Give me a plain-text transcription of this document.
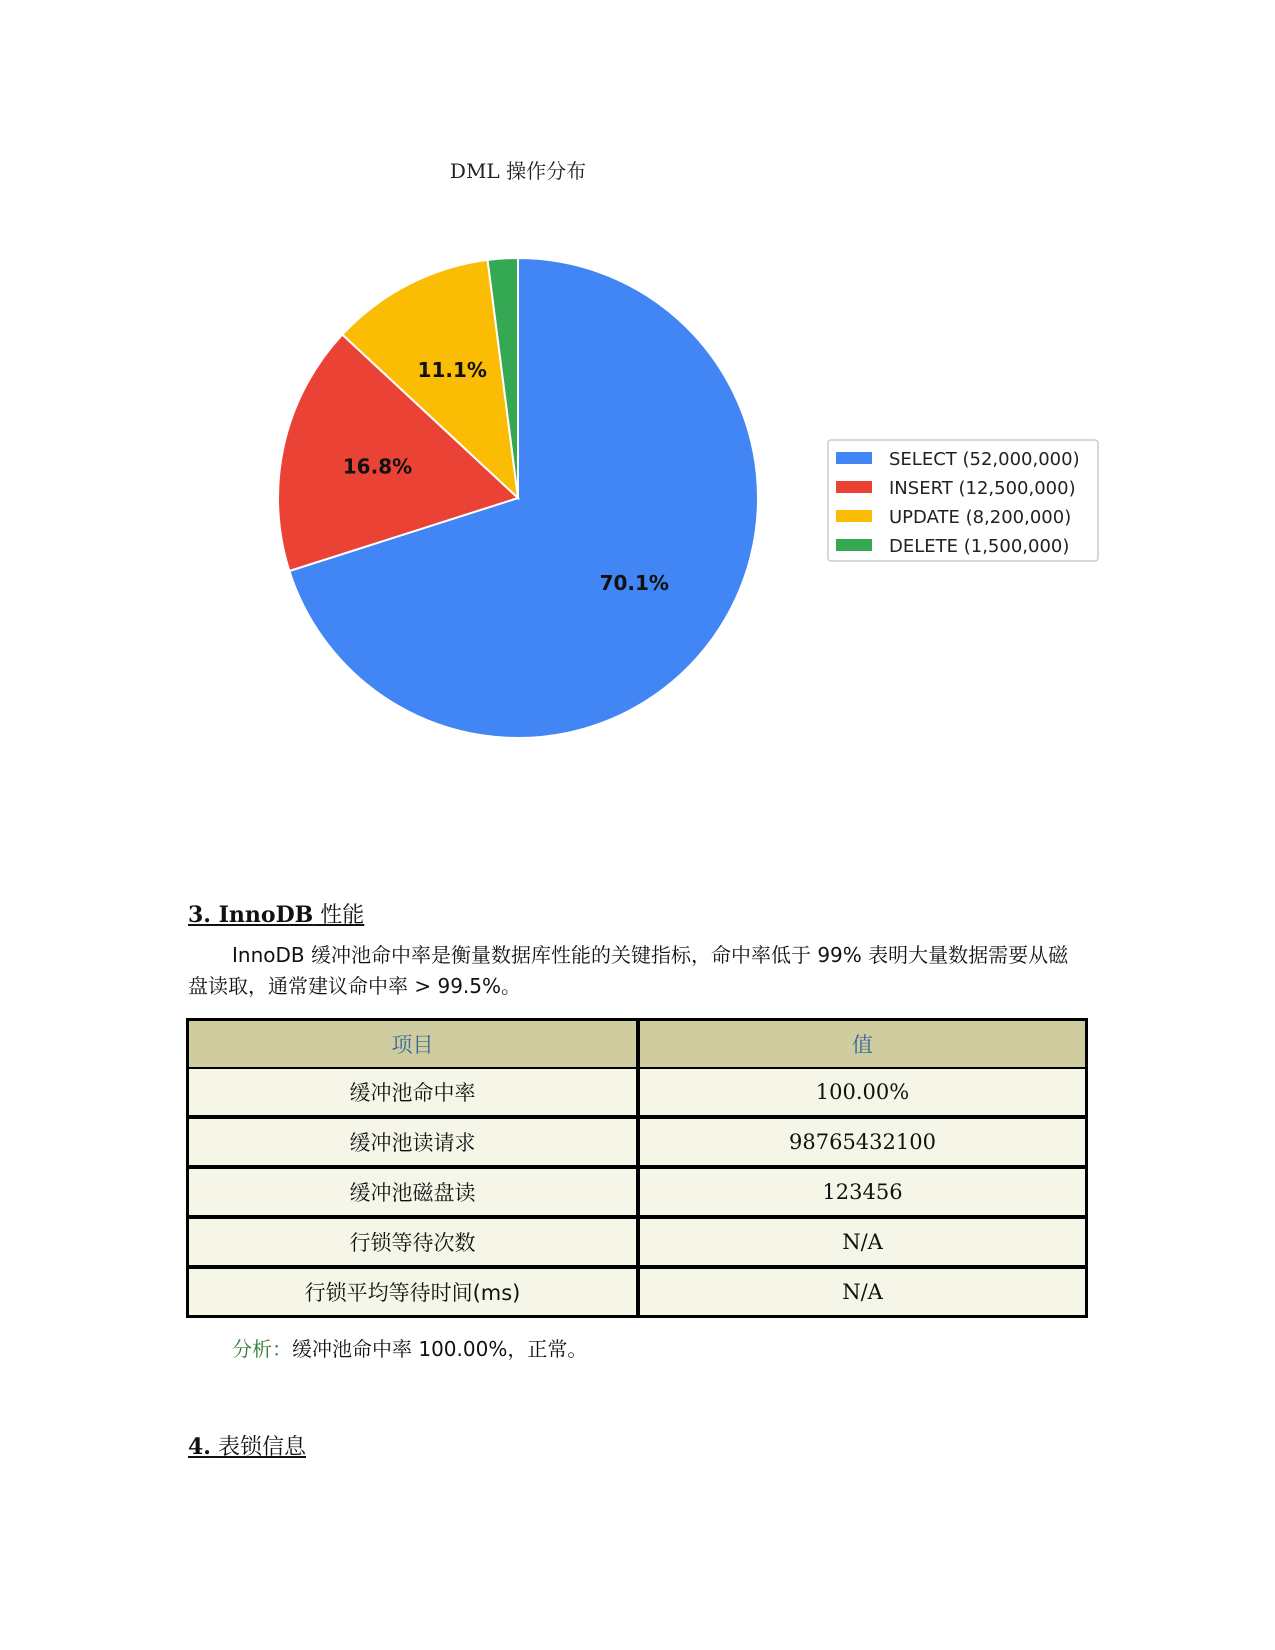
DML 操作分布
70.1%
16.8%
11.1%
SELECT (52,000,000)
INSERT (12,500,000)
UPDATE (8,200,000)
DELETE (1,500,000)
3. InnoDB 性能

InnoDB 缓冲池命中率是衡量数据库性能的关键指标，命中率低于 99% 表明大量数据需要从磁盘读取，通常建议命中率 > 99.5%。

项目	值
缓冲池命中率	100.00%
缓冲池读请求	98765432100
缓冲池磁盘读	123456
行锁等待次数	N/A
行锁平均等待时间(ms)	N/A

分析：缓冲池命中率 100.00%，正常。

4. 表锁信息
